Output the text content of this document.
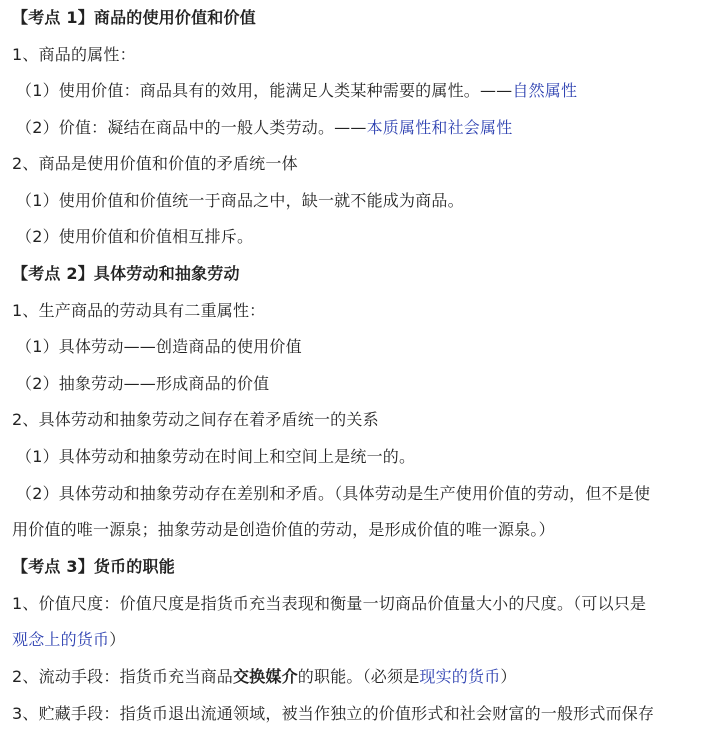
【考点 1】商品的使用价值和价值
1、商品的属性：
（1）使用价值：商品具有的效用，能满足人类某种需要的属性。——自然属性
（2）价值：凝结在商品中的一般人类劳动。——本质属性和社会属性
2、商品是使用价值和价值的矛盾统一体
（1）使用价值和价值统一于商品之中，缺一就不能成为商品。
（2）使用价值和价值相互排斥。
【考点 2】具体劳动和抽象劳动
1、生产商品的劳动具有二重属性：
（1）具体劳动——创造商品的使用价值
（2）抽象劳动——形成商品的价值
2、具体劳动和抽象劳动之间存在着矛盾统一的关系
（1）具体劳动和抽象劳动在时间上和空间上是统一的。
（2）具体劳动和抽象劳动存在差别和矛盾。（具体劳动是生产使用价值的劳动，但不是使
用价值的唯一源泉；抽象劳动是创造价值的劳动，是形成价值的唯一源泉。）
【考点 3】货币的职能
1、价值尺度：价值尺度是指货币充当表现和衡量一切商品价值量大小的尺度。（可以只是
观念上的货币）
2、流动手段：指货币充当商品交换媒介的职能。（必须是现实的货币）
3、贮藏手段：指货币退出流通领域，被当作独立的价值形式和社会财富的一般形式而保存
